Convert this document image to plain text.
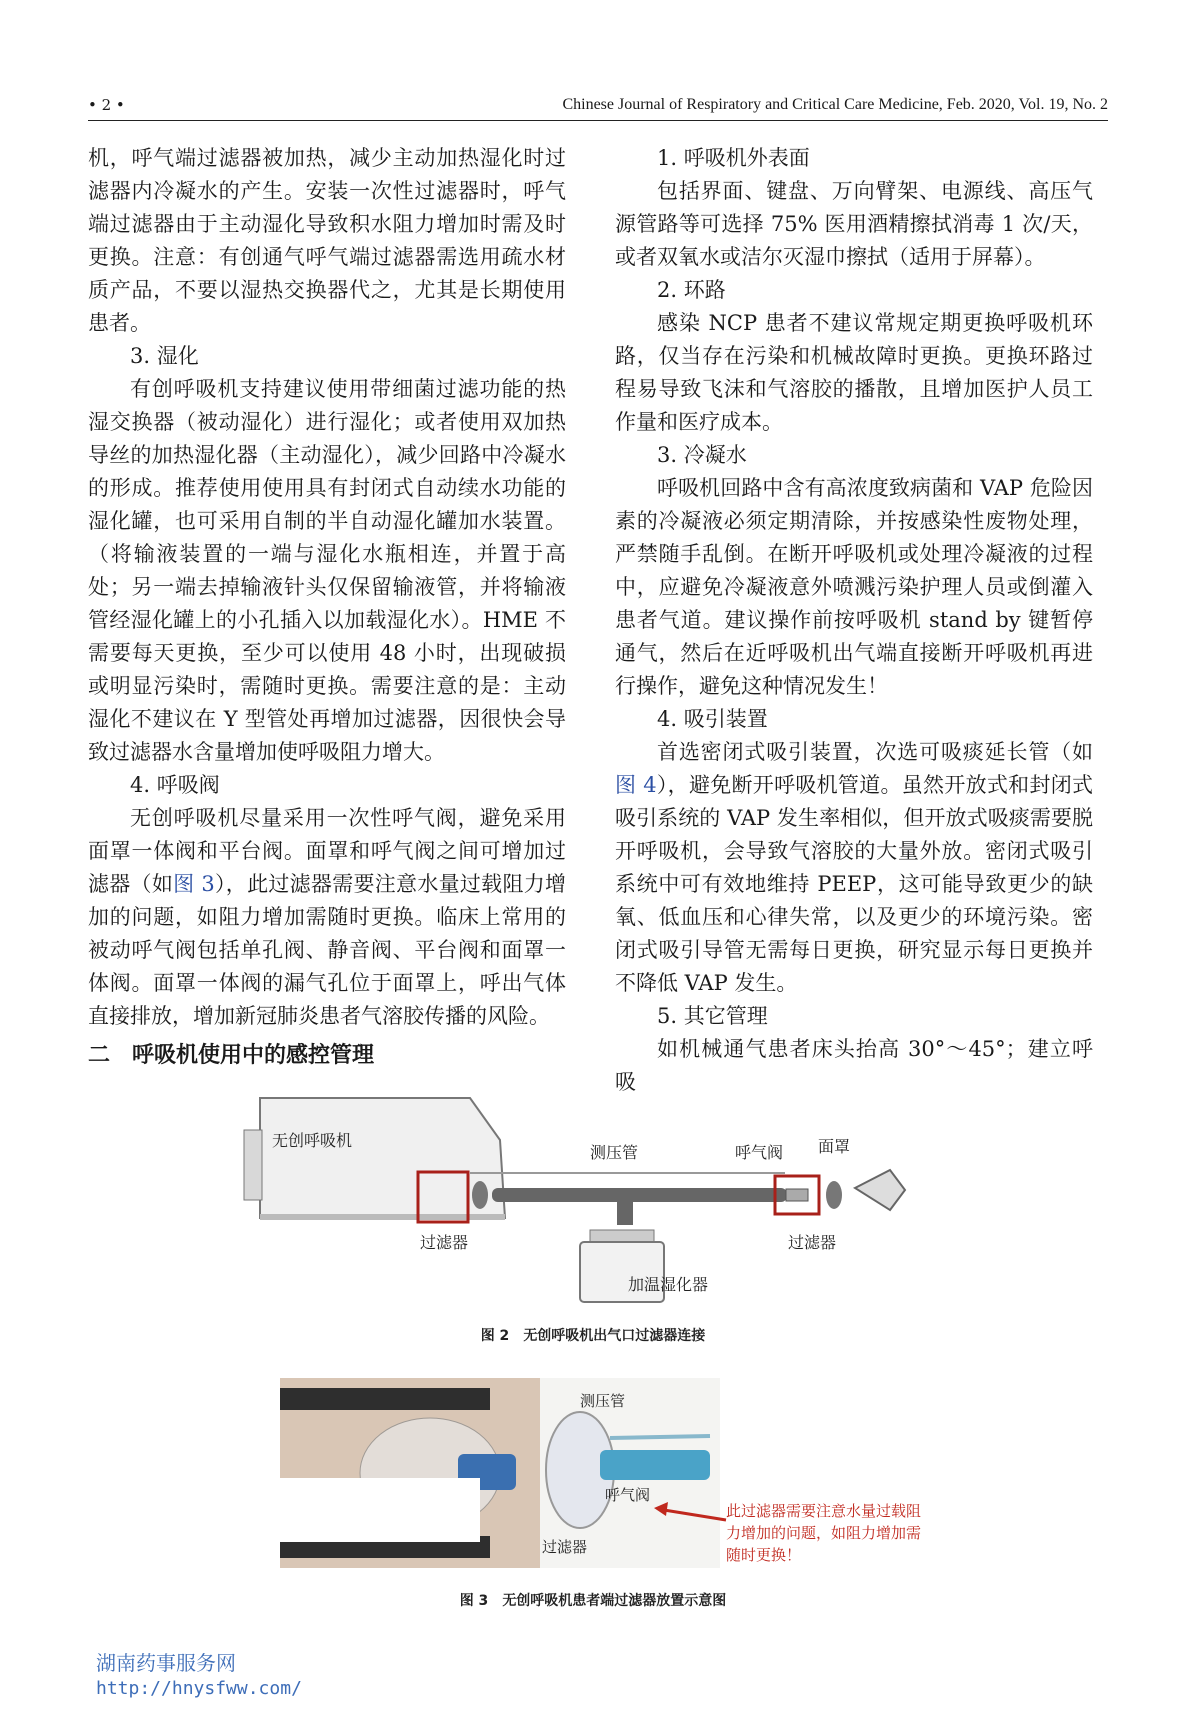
• 2 •	Chinese Journal of Respiratory and Critical Care Medicine, Feb. 2020, Vol. 19, No. 2

机，呼气端过滤器被加热，减少主动加热湿化时过滤器内冷凝水的产生。安装一次性过滤器时，呼气端过滤器由于主动湿化导致积水阻力增加时需及时更换。注意：有创通气呼气端过滤器需选用疏水材质产品，不要以湿热交换器代之，尤其是长期使用患者。

3. 湿化

有创呼吸机支持建议使用带细菌过滤功能的热湿交换器（被动湿化）进行湿化；或者使用双加热导丝的加热湿化器（主动湿化），减少回路中冷凝水的形成。推荐使用使用具有封闭式自动续水功能的湿化罐，也可采用自制的半自动湿化罐加水装置。（将输液装置的一端与湿化水瓶相连，并置于高处；另一端去掉输液针头仅保留输液管，并将输液管经湿化罐上的小孔插入以加载湿化水）。HME 不需要每天更换，至少可以使用 48 小时，出现破损或明显污染时，需随时更换。需要注意的是：主动湿化不建议在 Y 型管处再增加过滤器，因很快会导致过滤器水含量增加使呼吸阻力增大。

4. 呼吸阀

无创呼吸机尽量采用一次性呼气阀，避免采用面罩一体阀和平台阀。面罩和呼气阀之间可增加过滤器（如图 3），此过滤器需要注意水量过载阻力增加的问题，如阻力增加需随时更换。临床上常用的被动呼气阀包括单孔阀、静音阀、平台阀和面罩一体阀。面罩一体阀的漏气孔位于面罩上，呼出气体直接排放，增加新冠肺炎患者气溶胶传播的风险。

二　呼吸机使用中的感控管理

1. 呼吸机外表面

包括界面、键盘、万向臂架、电源线、高压气源管路等可选择 75% 医用酒精擦拭消毒 1 次/天，或者双氧水或洁尔灭湿巾擦拭（适用于屏幕）。

2. 环路

感染 NCP 患者不建议常规定期更换呼吸机环路，仅当存在污染和机械故障时更换。更换环路过程易导致飞沫和气溶胶的播散，且增加医护人员工作量和医疗成本。

3. 冷凝水

呼吸机回路中含有高浓度致病菌和 VAP 危险因素的冷凝液必须定期清除，并按感染性废物处理，严禁随手乱倒。在断开呼吸机或处理冷凝液的过程中，应避免冷凝液意外喷溅污染护理人员或倒灌入患者气道。建议操作前按呼吸机 stand by 键暂停通气，然后在近呼吸机出气端直接断开呼吸机再进行操作，避免这种情况发生！

4. 吸引装置

首选密闭式吸引装置，次选可吸痰延长管（如图 4），避免断开呼吸机管道。虽然开放式和封闭式吸引系统的 VAP 发生率相似，但开放式吸痰需要脱开呼吸机，会导致气溶胶的大量外放。密闭式吸引系统中可有效地维持 PEEP，这可能导致更少的缺氧、低血压和心律失常，以及更少的环境污染。密闭式吸引导管无需每日更换，研究显示每日更换并不降低 VAP 发生。

5. 其它管理

如机械通气患者床头抬高 30°～45°；建立呼吸

无创呼吸机
测压管	呼气阀 面罩
过滤器	过滤器
加温湿化器
图 2 无创呼吸机出气口过滤器连接
测压管
呼气阀
过滤器
此过滤器需要注意水量过载阻力增加的问题，如阻力增加需随时更换！
图 3 无创呼吸机患者端过滤器放置示意图
湖南药事服务网
http://hnysfww.com/
